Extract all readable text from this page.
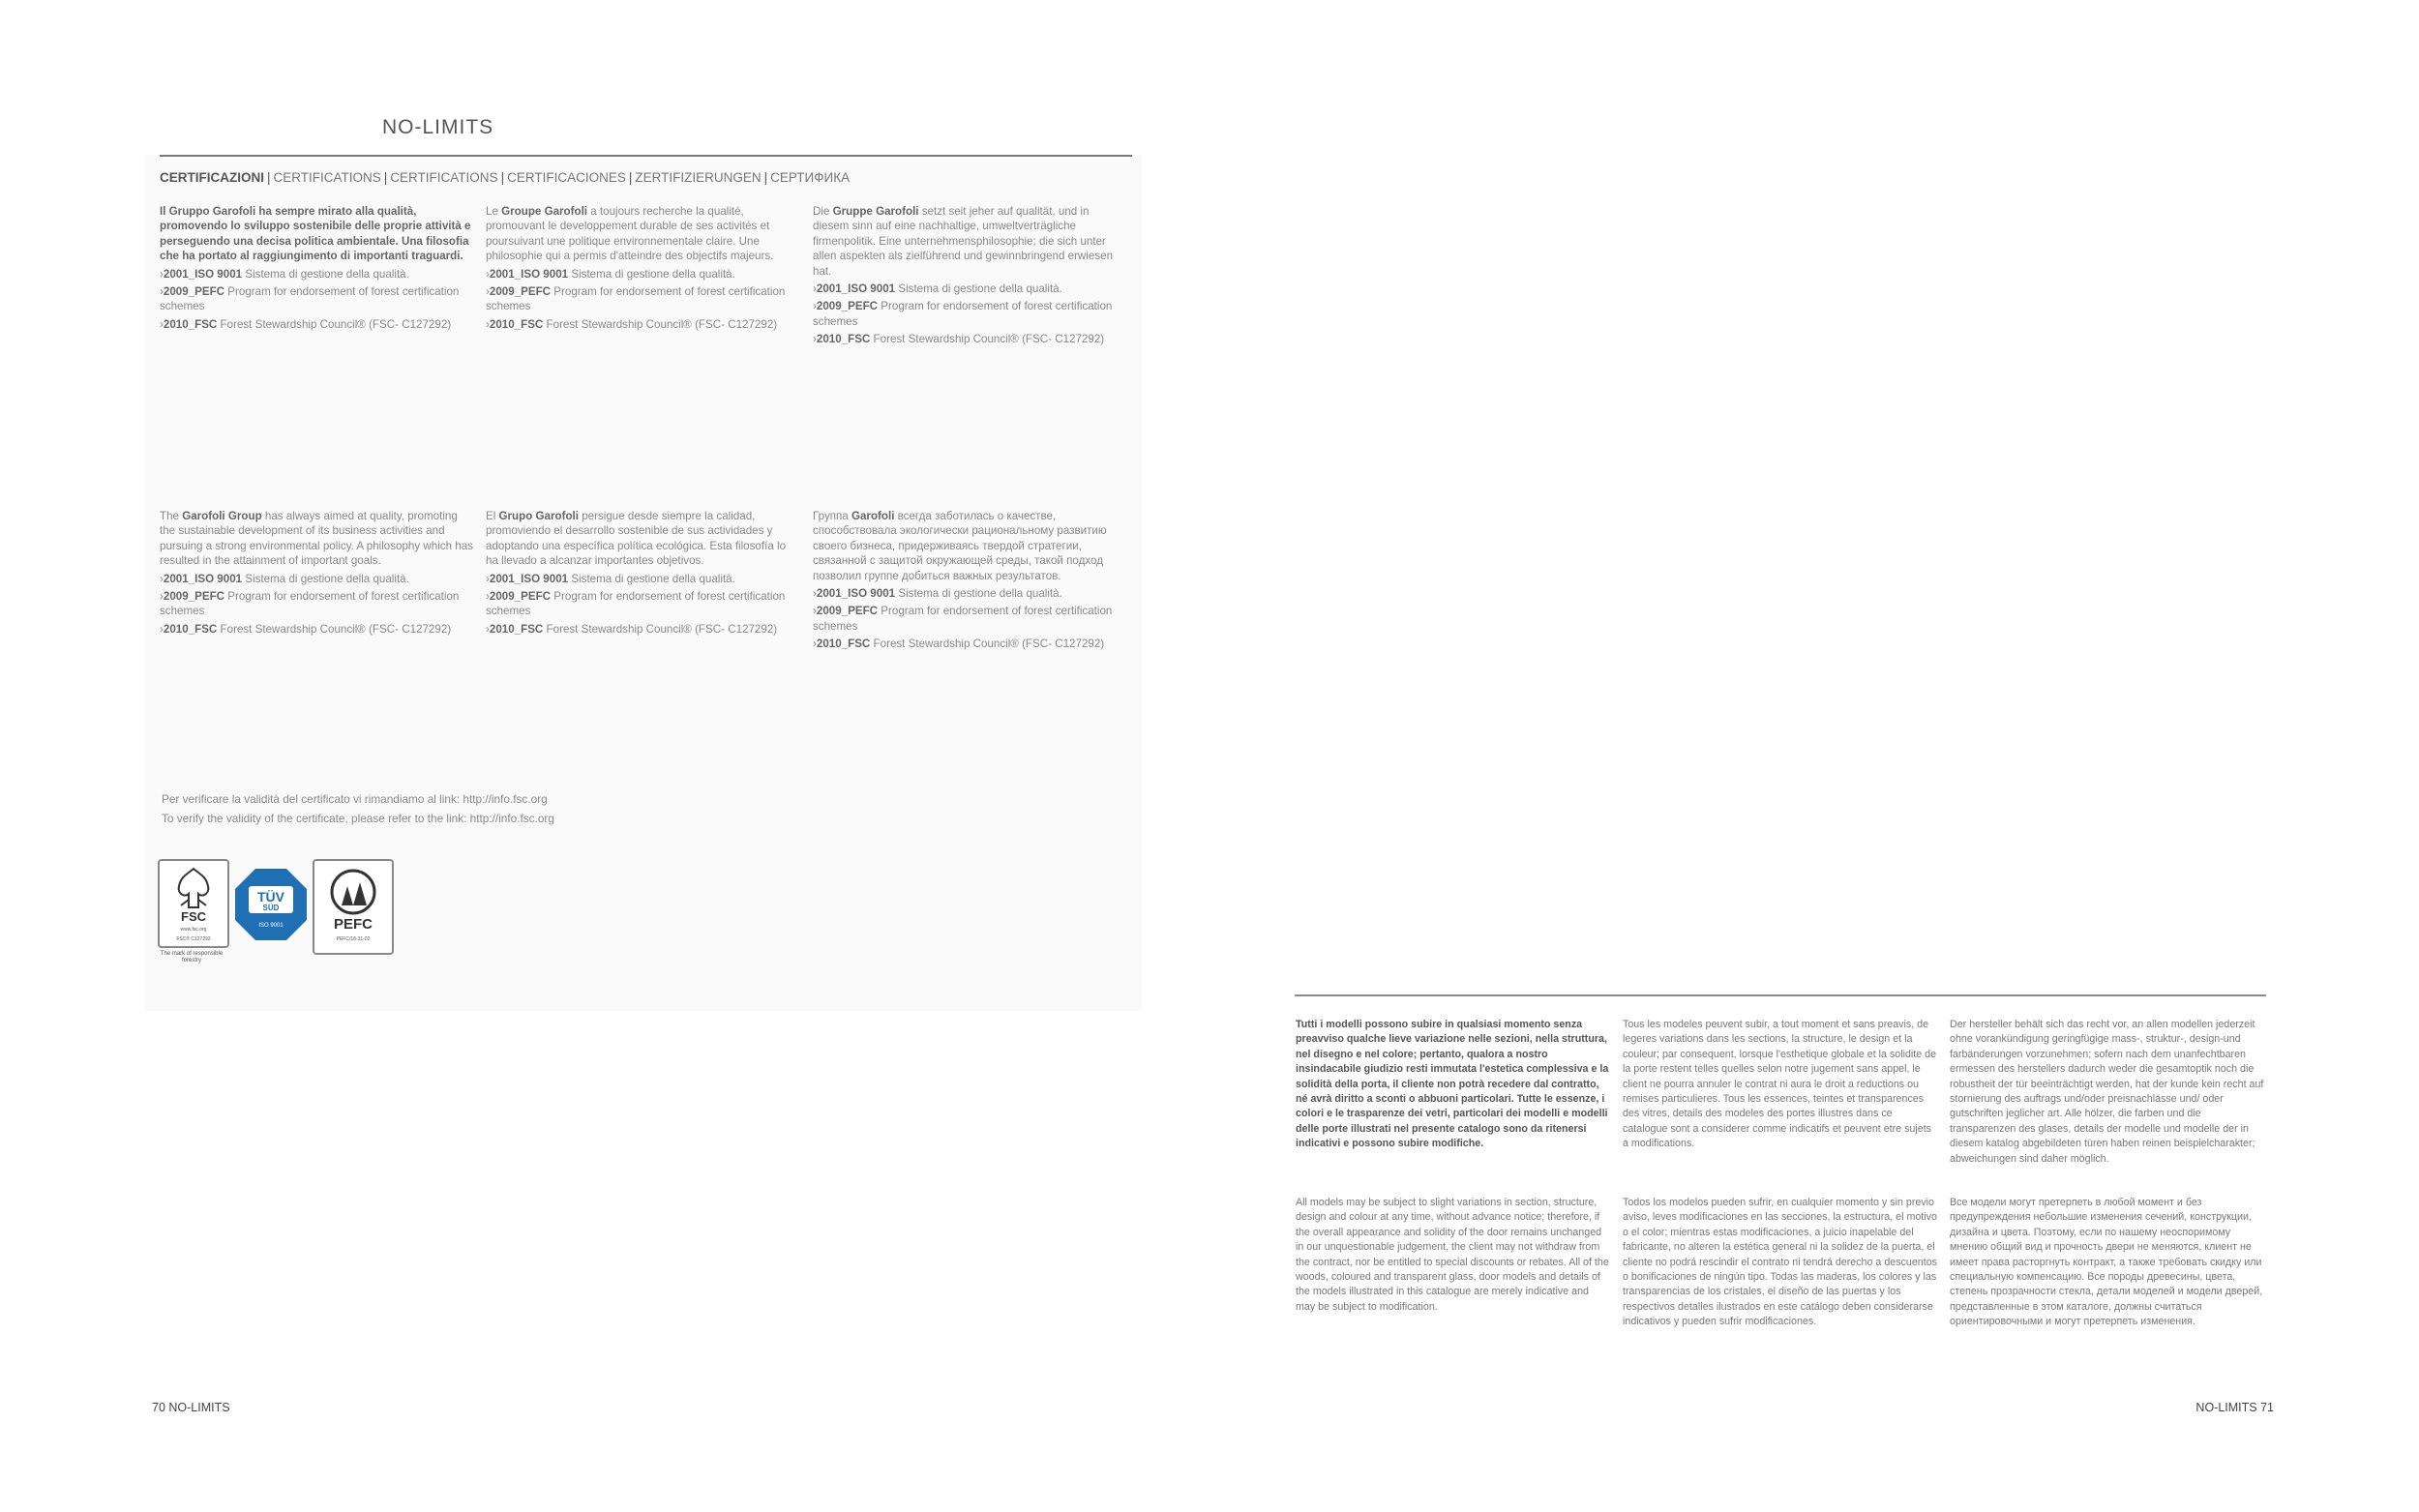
NO-LIMITS
CERTIFICAZIONI | CERTIFICATIONS | CERTIFICATIONS | CERTIFICACIONES | ZERTIFIZIERUNGEN | СЕРТИФИКА

Il Gruppo Garofoli ha sempre mirato alla qualità, promovendo lo sviluppo sostenibile delle proprie attività e perseguendo una decisa politica ambientale. Una filosofia che ha portato al raggiungimento di importanti traguardi.

›2001_ISO 9001 Sistema di gestione della qualità.

›2009_PEFC Program for endorsement of forest certification schemes

›2010_FSC Forest Stewardship Council® (FSC- C127292)

Le Groupe Garofoli a toujours recherche la qualité, promouvant le developpement durable de ses activités et poursuivant une politique environnementale claire. Une philosophie qui a permis d'atteindre des objectifs majeurs.

›2001_ISO 9001 Sistema di gestione della qualità.

›2009_PEFC Program for endorsement of forest certification schemes

›2010_FSC Forest Stewardship Council® (FSC- C127292)

Die Gruppe Garofoli setzt seit jeher auf qualität, und in diesem sinn auf eine nachhaltige, umweltverträgliche firmenpolitik. Eine unternehmensphilosophie; die sich unter allen aspekten als zielführend und gewinnbringend erwiesen hat.

›2001_ISO 9001 Sistema di gestione della qualità.

›2009_PEFC Program for endorsement of forest certification schemes

›2010_FSC Forest Stewardship Council® (FSC- C127292)

The Garofoli Group has always aimed at quality, promoting the sustainable development of its business activities and pursuing a strong environmental policy. A philosophy which has resulted in the attainment of important goals.

›2001_ISO 9001 Sistema di gestione della qualità.

›2009_PEFC Program for endorsement of forest certification schemes

›2010_FSC Forest Stewardship Council® (FSC- C127292)

El Grupo Garofoli persigue desde siempre la calidad, promoviendo el desarrollo sostenible de sus actividades y adoptando una específica política ecológica. Esta filosofía lo ha llevado a alcanzar importantes objetivos.

›2001_ISO 9001 Sistema di gestione della qualità.

›2009_PEFC Program for endorsement of forest certification schemes

›2010_FSC Forest Stewardship Council® (FSC- C127292)

Группа Garofoli всегда заботилась о качестве, способствовала экологически рациональному развитию своего бизнеса, придерживаясь твердой стратегии, связанной с защитой окружающей среды, такой подход позволил группе добиться важных результатов.

›2001_ISO 9001 Sistema di gestione della qualità.

›2009_PEFC Program for endorsement of forest certification schemes

›2010_FSC Forest Stewardship Council® (FSC- C127292)

Per verificare la validità del certificato vi rimandiamo al link: http://info.fsc.org

To verify the validity of the certificate, please refer to the link: http://info.fsc.org

FSC
www.fsc.org
FSC® C127292
The mark of responsible forestry
TÜV
SÜD
ISO 9001	PEFC
PEFC/18-31-02
70 NO-LIMITS

Tutti i modelli possono subire in qualsiasi momento senza preavviso qualche lieve variazione nelle sezioni, nella struttura, nel disegno e nel colore; pertanto, qualora a nostro insindacabile giudizio resti immutata l'estetica complessiva e la solidità della porta, il cliente non potrà recedere dal contratto, né avrà diritto a sconti o abbuoni particolari. Tutte le essenze, i colori e le trasparenze dei vetri, particolari dei modelli e modelli delle porte illustrati nel presente catalogo sono da ritenersi indicativi e possono subire modifiche.

Tous les modeles peuvent subir, a tout moment et sans preavis, de legeres variations dans les sections, la structure, le design et la couleur; par consequent, lorsque l'esthetique globale et la solidite de la porte restent telles quelles selon notre jugement sans appel, le client ne pourra annuler le contrat ni aura le droit a reductions ou remises particulieres. Tous les essences, teintes et transparences des vitres, details des modeles des portes illustres dans ce catalogue sont a considerer comme indicatifs et peuvent etre sujets a modifications.

Der hersteller behält sich das recht vor, an allen modellen jederzeit ohne vorankündigung geringfügige mass-, struktur-, design-und farbänderungen vorzunehmen; sofern nach dem unanfechtbaren ermessen des herstellers dadurch weder die gesamtoptik noch die robustheit der tür beeinträchtigt werden, hat der kunde kein recht auf stornierung des auftrags und/oder preisnachlässe und/ oder gutschriften jeglicher art. Alle hölzer, die farben und die transparenzen des glases, details der modelle und modelle der in diesem katalog abgebildeten türen haben reinen beispielcharakter; abweichungen sind daher möglich.

All models may be subject to slight variations in section, structure, design and colour at any time, without advance notice; therefore, if the overall appearance and solidity of the door remains unchanged in our unquestionable judgement, the client may not withdraw from the contract, nor be entitled to special discounts or rebates. All of the woods, coloured and transparent glass, door models and details of the models illustrated in this catalogue are merely indicative and may be subject to modification.

Todos los modelos pueden sufrir, en cualquier momento y sin previo aviso, leves modificaciones en las secciones, la estructura, el motivo o el color; mientras estas modificaciones, a juicio inapelable del fabricante, no alteren la estética general ni la solidez de la puerta, el cliente no podrá rescindir el contrato ni tendrá derecho a descuentos o bonificaciones de ningún tipo. Todas las maderas, los colores y las transparencias de los cristales, el diseño de las puertas y los respectivos detalles ilustrados en este catálogo deben considerarse indicativos y pueden sufrir modificaciones.

Все модели могут претерпеть в любой момент и без предупреждения небольшие изменения сечений, конструкции, дизайна и цвета. Поэтому, если по нашему неоспоримому мнению общий вид и прочность двери не меняются, клиент не имеет права расторгнуть контракт, а также требовать скидку или специальную компенсацию. Все породы древесины, цвета, степень прозрачности стекла, детали моделей и модели дверей, представленные в этом каталоге, должны считаться ориентировочными и могут претерпеть изменения.

NO-LIMITS 71
